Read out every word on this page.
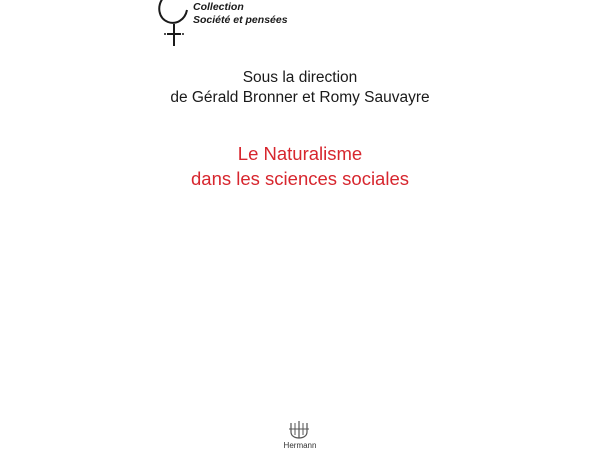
Collection
Société et pensées
Sous la direction
de Gérald Bronner et Romy Sauvayre
Le Naturalisme
dans les sciences sociales
Hermann
